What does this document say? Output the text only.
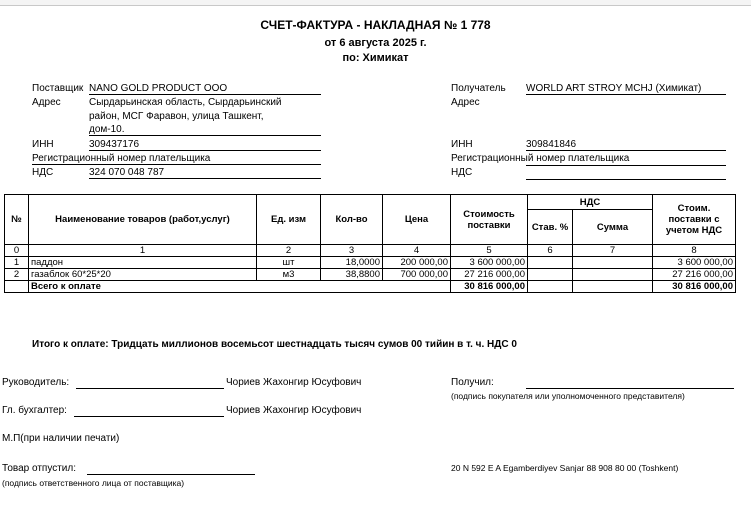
СЧЕТ-ФАКТУРА - НАКЛАДНАЯ № 1 778
от 6 августа 2025 г.
по: Химикат
Поставщик NANO GOLD PRODUCT OOO
Адрес	Сырдарьинская область, Сырдарьинский
район, МСГ Фаравон, улица Ташкент,
дом-10.
ИНН	309437176
Регистрационный номер плательщика
НДС	324 070 048 787
Получатель WORLD ART STROY MCHJ (Химикат)
Адрес
ИНН	309841846
Регистрационный номер плательщика
НДС
№	Наименование товаров (работ,услуг)	Ед. изм	Кол-во	Цена	Стоимость поставки	НДС		Стоим. поставки с учетом НДС
						Став. %	Сумма	
0	1	2	3	4	5	6	7	8
1	паддон	шт	18,0000	200 000,00	3 600 000,00			3 600 000,00
2	газаблок 60*25*20	м3	38,8800	700 000,00	27 216 000,00			27 216 000,00
	Всего к оплате				30 816 000,00			30 816 000,00
Итого к оплате: Тридцать миллионов восемьсот шестнадцать тысяч сумов 00 тийин в т. ч. НДС 0
Руководитель:	Чориев Жахонгир Юсуфович
Гл. бухгалтер:	Чориев Жахонгир Юсуфович
М.П(при наличии печати)
Товар отпустил:
(подпись ответственного лица от поставщика)
Получил:
(подпись покупателя или уполномоченного представителя)
20 N 592 E A Egamberdiyev Sanjar 88 908 80 00 (Toshkent)
